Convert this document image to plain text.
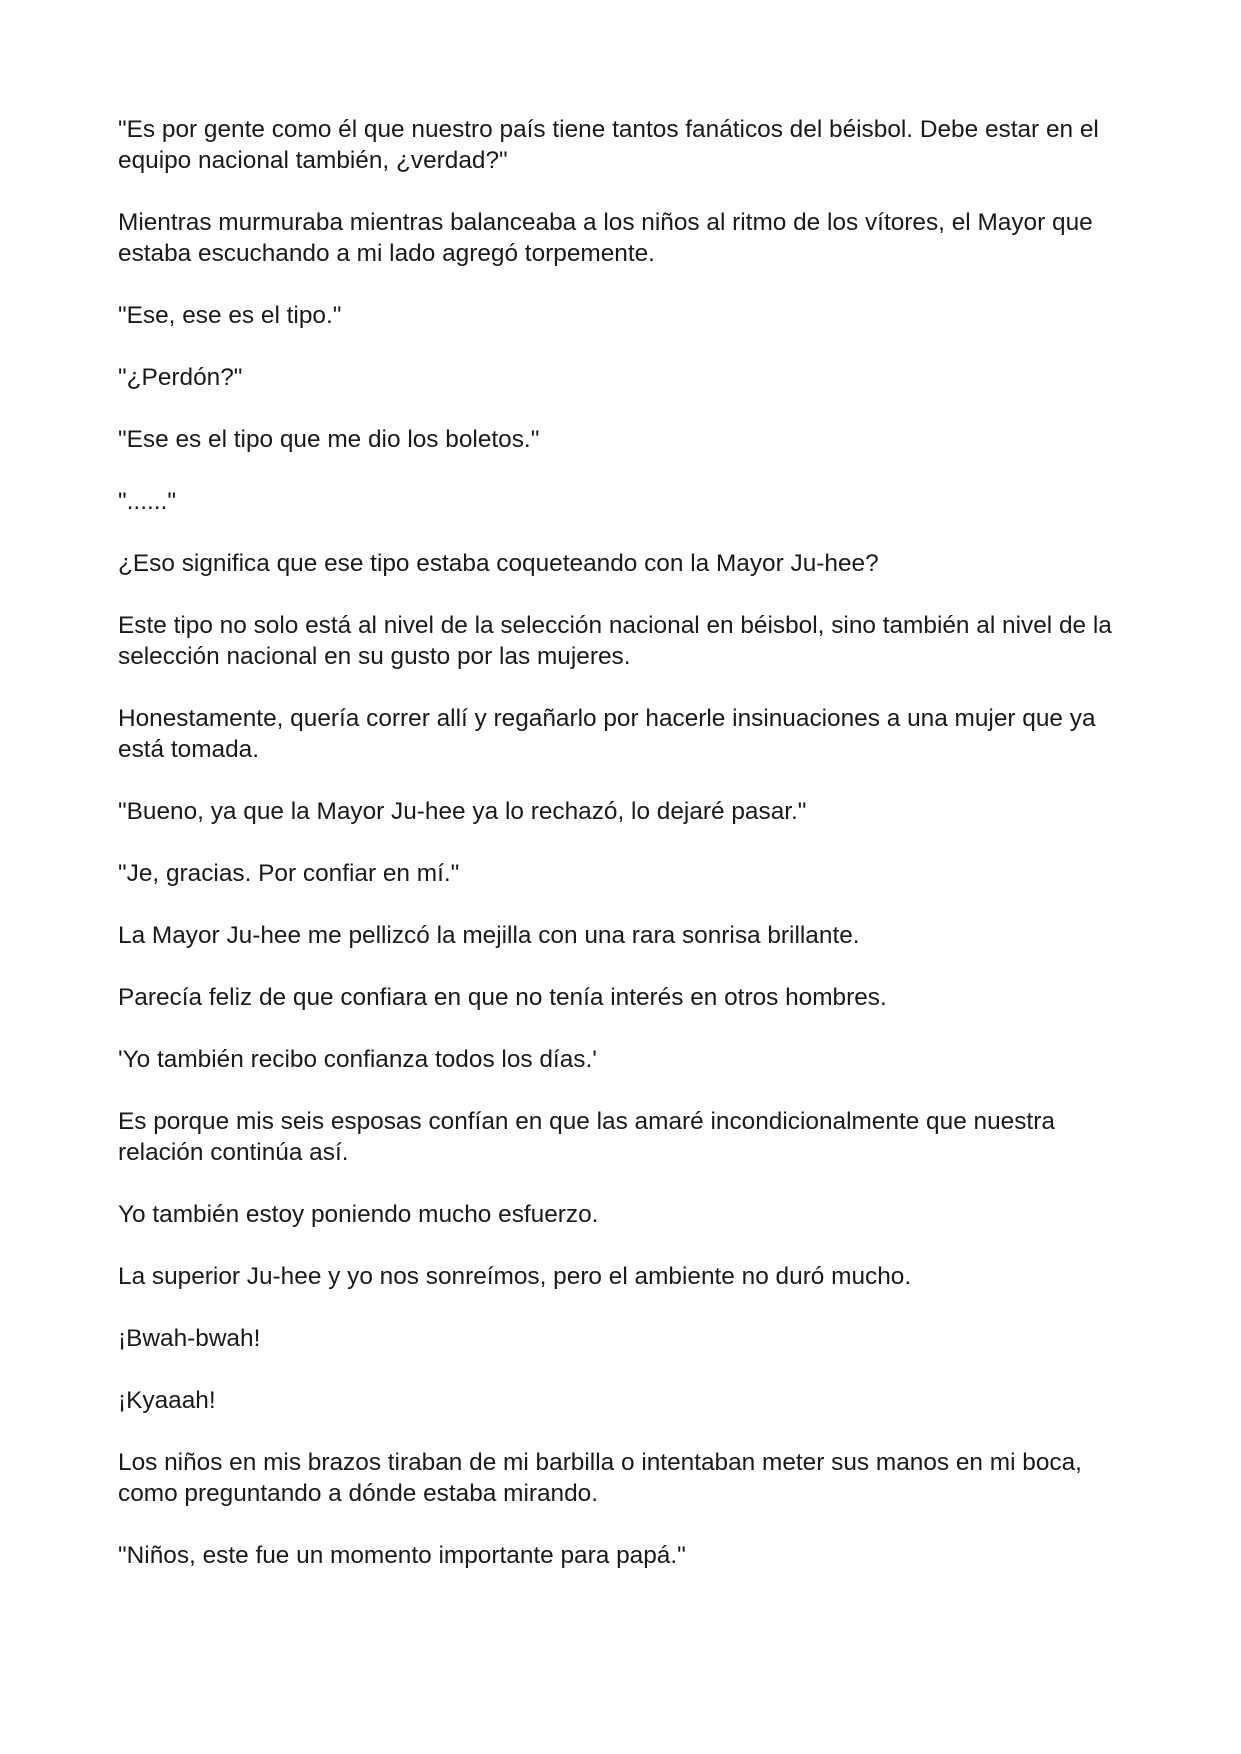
"Es por gente como él que nuestro país tiene tantos fanáticos del béisbol. Debe estar en el equipo nacional también, ¿verdad?"

Mientras murmuraba mientras balanceaba a los niños al ritmo de los vítores, el Mayor que estaba escuchando a mi lado agregó torpemente.

"Ese, ese es el tipo."

"¿Perdón?"

"Ese es el tipo que me dio los boletos."

"......"

¿Eso significa que ese tipo estaba coqueteando con la Mayor Ju-hee?

Este tipo no solo está al nivel de la selección nacional en béisbol, sino también al nivel de la selección nacional en su gusto por las mujeres.

Honestamente, quería correr allí y regañarlo por hacerle insinuaciones a una mujer que ya está tomada.

"Bueno, ya que la Mayor Ju-hee ya lo rechazó, lo dejaré pasar."

"Je, gracias. Por confiar en mí."

La Mayor Ju-hee me pellizcó la mejilla con una rara sonrisa brillante.

Parecía feliz de que confiara en que no tenía interés en otros hombres.

'Yo también recibo confianza todos los días.'

Es porque mis seis esposas confían en que las amaré incondicionalmente que nuestra relación continúa así.

Yo también estoy poniendo mucho esfuerzo.

La superior Ju-hee y yo nos sonreímos, pero el ambiente no duró mucho.

¡Bwah-bwah!

¡Kyaaah!

Los niños en mis brazos tiraban de mi barbilla o intentaban meter sus manos en mi boca, como preguntando a dónde estaba mirando.

"Niños, este fue un momento importante para papá."
